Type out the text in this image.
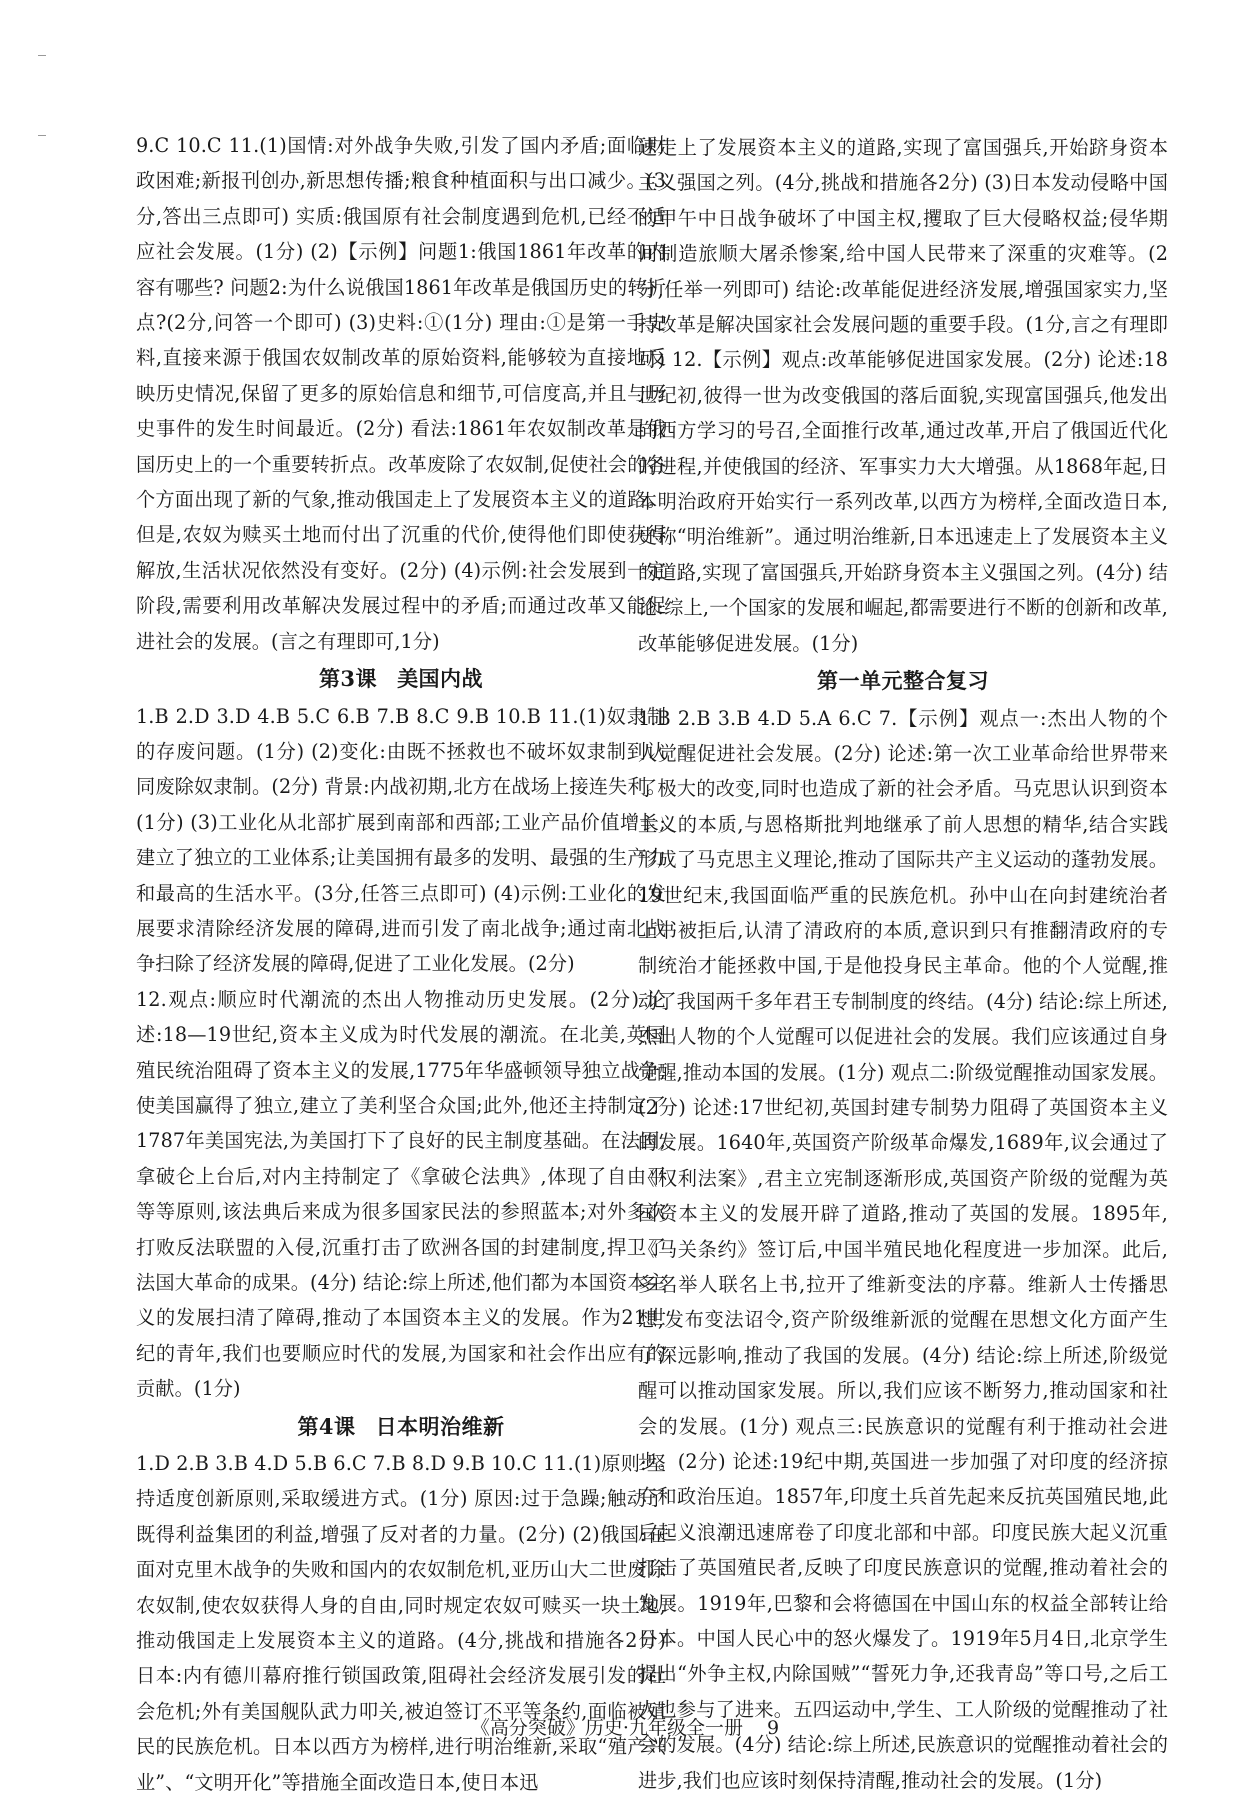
9.C 10.C 11.(1)国情:对外战争失败,引发了国内矛盾;面临财政困难;新报刊创办,新思想传播;粮食种植面积与出口减少。(3分,答出三点即可) 实质:俄国原有社会制度遇到危机,已经不适应社会发展。(1分) (2)【示例】问题1:俄国1861年改革的内容有哪些? 问题2:为什么说俄国1861年改革是俄国历史的转折点?(2分,问答一个即可) (3)史料:①(1分) 理由:①是第一手史料,直接来源于俄国农奴制改革的原始资料,能够较为直接地反映历史情况,保留了更多的原始信息和细节,可信度高,并且与历史事件的发生时间最近。(2分) 看法:1861年农奴制改革是俄国历史上的一个重要转折点。改革废除了农奴制,促使社会的各个方面出现了新的气象,推动俄国走上了发展资本主义的道路。但是,农奴为赎买土地而付出了沉重的代价,使得他们即使获得解放,生活状况依然没有变好。(2分) (4)示例:社会发展到一定阶段,需要利用改革解决发展过程中的矛盾;而通过改革又能促进社会的发展。(言之有理即可,1分)

第3课 美国内战

1.B 2.D 3.D 4.B 5.C 6.B 7.B 8.C 9.B 10.B 11.(1)奴隶制的存废问题。(1分) (2)变化:由既不拯救也不破坏奴隶制到认同废除奴隶制。(2分) 背景:内战初期,北方在战场上接连失利。(1分) (3)工业化从北部扩展到南部和西部;工业产品价值增长;建立了独立的工业体系;让美国拥有最多的发明、最强的生产力和最高的生活水平。(3分,任答三点即可) (4)示例:工业化的发展要求清除经济发展的障碍,进而引发了南北战争;通过南北战争扫除了经济发展的障碍,促进了工业化发展。(2分)

12.观点:顺应时代潮流的杰出人物推动历史发展。(2分) 论述:18—19世纪,资本主义成为时代发展的潮流。在北美,英国殖民统治阻碍了资本主义的发展,1775年华盛顿领导独立战争,使美国赢得了独立,建立了美利坚合众国;此外,他还主持制定了1787年美国宪法,为美国打下了良好的民主制度基础。在法国,拿破仑上台后,对内主持制定了《拿破仑法典》,体现了自由平等等原则,该法典后来成为很多国家民法的参照蓝本;对外多次打败反法联盟的入侵,沉重打击了欧洲各国的封建制度,捍卫了法国大革命的成果。(4分) 结论:综上所述,他们都为本国资本主义的发展扫清了障碍,推动了本国资本主义的发展。作为21世纪的青年,我们也要顺应时代的发展,为国家和社会作出应有的贡献。(1分)

第4课 日本明治维新

1.D 2.B 3.B 4.D 5.B 6.C 7.B 8.D 9.B 10.C 11.(1)原则:坚持适度创新原则,采取缓进方式。(1分) 原因:过于急躁;触动了既得利益集团的利益,增强了反对者的力量。(2分) (2)俄国:在面对克里木战争的失败和国内的农奴制危机,亚历山大二世废除农奴制,使农奴获得人身的自由,同时规定农奴可赎买一块土地,推动俄国走上发展资本主义的道路。(4分,挑战和措施各2分) 日本:内有德川幕府推行锁国政策,阻碍社会经济发展引发的社会危机;外有美国舰队武力叩关,被迫签订不平等条约,面临被殖民的民族危机。日本以西方为榜样,进行明治维新,采取“殖产兴业”、“文明开化”等措施全面改造日本,使日本迅

速走上了发展资本主义的道路,实现了富国强兵,开始跻身资本主义强国之列。(4分,挑战和措施各2分) (3)日本发动侵略中国的甲午中日战争破坏了中国主权,攫取了巨大侵略权益;侵华期间制造旅顺大屠杀惨案,给中国人民带来了深重的灾难等。(2分,任举一列即可) 结论:改革能促进经济发展,增强国家实力,坚持改革是解决国家社会发展问题的重要手段。(1分,言之有理即可) 12.【示例】观点:改革能够促进国家发展。(2分) 论述:18世纪初,彼得一世为改变俄国的落后面貌,实现富国强兵,他发出向西方学习的号召,全面推行改革,通过改革,开启了俄国近代化的进程,并使俄国的经济、军事实力大大增强。从1868年起,日本明治政府开始实行一系列改革,以西方为榜样,全面改造日本,史称“明治维新”。通过明治维新,日本迅速走上了发展资本主义的道路,实现了富国强兵,开始跻身资本主义强国之列。(4分) 结论:综上,一个国家的发展和崛起,都需要进行不断的创新和改革,改革能够促进发展。(1分)

第一单元整合复习

1.B 2.B 3.B 4.D 5.A 6.C 7.【示例】观点一:杰出人物的个人觉醒促进社会发展。(2分) 论述:第一次工业革命给世界带来了极大的改变,同时也造成了新的社会矛盾。马克思认识到资本主义的本质,与恩格斯批判地继承了前人思想的精华,结合实践形成了马克思主义理论,推动了国际共产主义运动的蓬勃发展。19世纪末,我国面临严重的民族危机。孙中山在向封建统治者上书被拒后,认清了清政府的本质,意识到只有推翻清政府的专制统治才能拯救中国,于是他投身民主革命。他的个人觉醒,推动了我国两千多年君王专制制度的终结。(4分) 结论:综上所述,杰出人物的个人觉醒可以促进社会的发展。我们应该通过自身觉醒,推动本国的发展。(1分) 观点二:阶级觉醒推动国家发展。(2分) 论述:17世纪初,英国封建专制势力阻碍了英国资本主义的发展。1640年,英国资产阶级革命爆发,1689年,议会通过了《权利法案》,君主立宪制逐渐形成,英国资产阶级的觉醒为英国资本主义的发展开辟了道路,推动了英国的发展。1895年,《马关条约》签订后,中国半殖民地化程度进一步加深。此后,多名举人联名上书,拉开了维新变法的序幕。维新人士传播思想,发布变法诏令,资产阶级维新派的觉醒在思想文化方面产生了深远影响,推动了我国的发展。(4分) 结论:综上所述,阶级觉醒可以推动国家发展。所以,我们应该不断努力,推动国家和社会的发展。(1分) 观点三:民族意识的觉醒有利于推动社会进步。(2分) 论述:19纪中期,英国进一步加强了对印度的经济掠夺和政治压迫。1857年,印度土兵首先起来反抗英国殖民地,此后起义浪潮迅速席卷了印度北部和中部。印度民族大起义沉重打击了英国殖民者,反映了印度民族意识的觉醒,推动着社会的发展。1919年,巴黎和会将德国在中国山东的权益全部转让给日本。中国人民心中的怒火爆发了。1919年5月4日,北京学生提出“外争主权,内除国贼”“誓死力争,还我青岛”等口号,之后工人也参与了进来。五四运动中,学生、工人阶级的觉醒推动了社会的发展。(4分) 结论:综上所述,民族意识的觉醒推动着社会的进步,我们也应该时刻保持清醒,推动社会的发展。(1分)

《高分突破》历史·九年级全一册 9
